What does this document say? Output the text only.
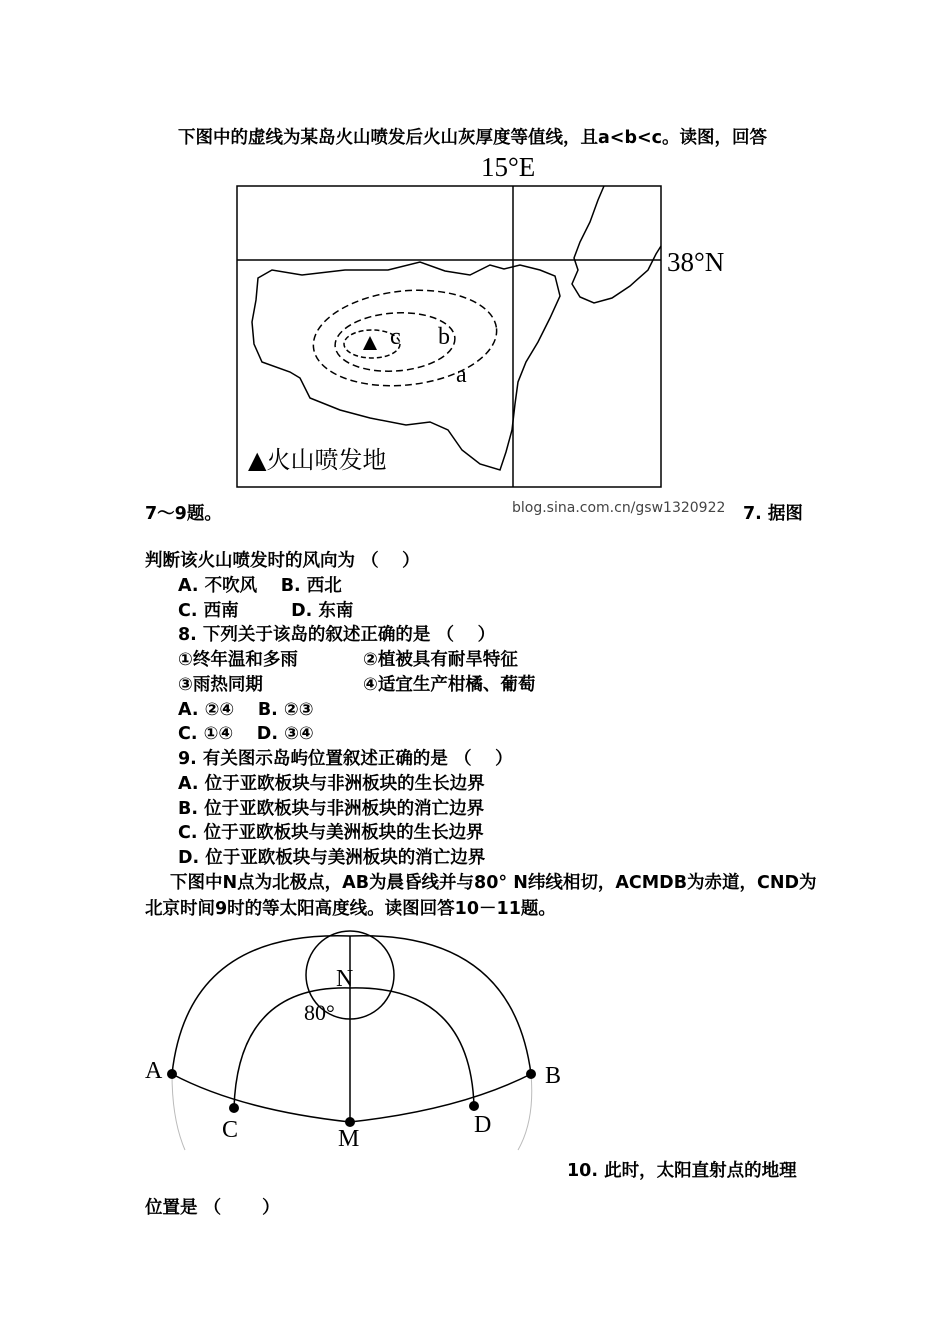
下图中的虚线为某岛火山喷发后火山灰厚度等值线，且a<b<c。读图，回答
15°E
38°N
c b
a
▲火山喷发地
7～9题。	blog.sina.com.cn/gsw1320922 7. 据图
判断该火山喷发时的风向为 （　 ）
A. 不吹风　 B. 西北
C. 西南　　　D. 东南
8. 下列关于该岛的叙述正确的是 （　 ）
①终年温和多雨	②植被具有耐旱特征
③雨热同期	④适宜生产柑橘、葡萄
A. ②④　 B. ②③
C. ①④　 D. ③④
9. 有关图示岛屿位置叙述正确的是 （　 ）
A. 位于亚欧板块与非洲板块的生长边界
B. 位于亚欧板块与非洲板块的消亡边界
C. 位于亚欧板块与美洲板块的生长边界
D. 位于亚欧板块与美洲板块的消亡边界
下图中N点为北极点，AB为晨昏线并与80° N纬线相切，ACMDB为赤道，CND为
北京时间9时的等太阳高度线。读图回答10－11题。
N
80°
A	B
C	M
D
10. 此时，太阳直射点的地理
位置是 （　　 ）
